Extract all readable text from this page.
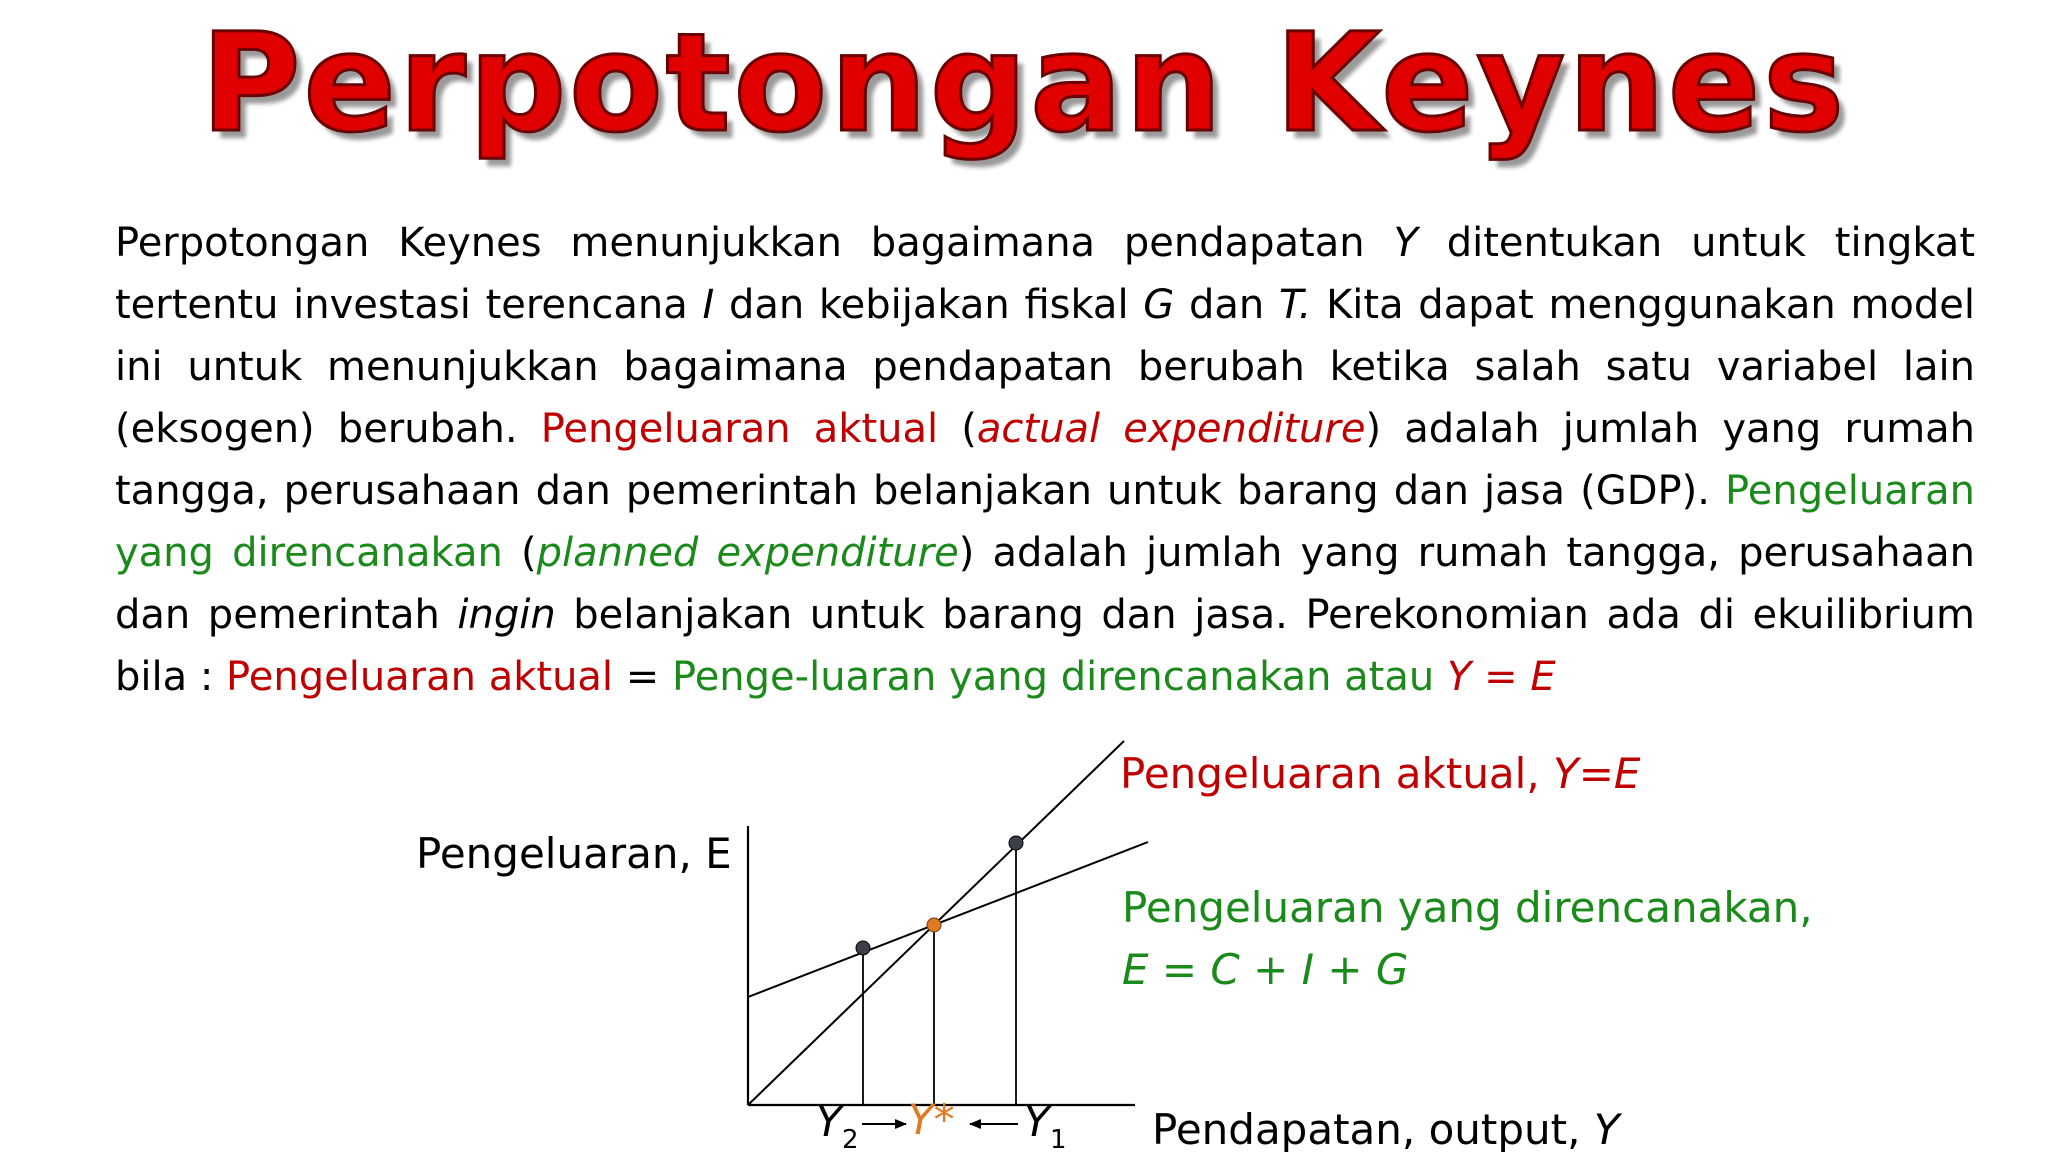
Perpotongan Keynes
Perpotongan Keynes menunjukkan bagaimana pendapatan Y ditentukan untuk tingkat tertentu investasi terencana I dan kebijakan fiskal G dan T. Kita dapat menggunakan model ini untuk menunjukkan bagaimana pendapatan berubah ketika salah satu variabel lain (eksogen) berubah. Pengeluaran aktual (actual expenditure) adalah jumlah yang rumah tangga, perusahaan dan pemerintah belanjakan untuk barang dan jasa (GDP). Pengeluaran yang direncanakan (planned expenditure) adalah jumlah yang rumah tangga, perusahaan dan pemerintah ingin belanjakan untuk barang dan jasa. Perekonomian ada di ekuilibrium bila : Pengeluaran aktual = Penge-luaran yang direncanakan atau Y = E
Pengeluaran, E
Pengeluaran aktual, Y=E
Pengeluaran yang direncanakan,
E = C + I + G
Pendapatan, output, Y
Y 2 Y* Y 1
